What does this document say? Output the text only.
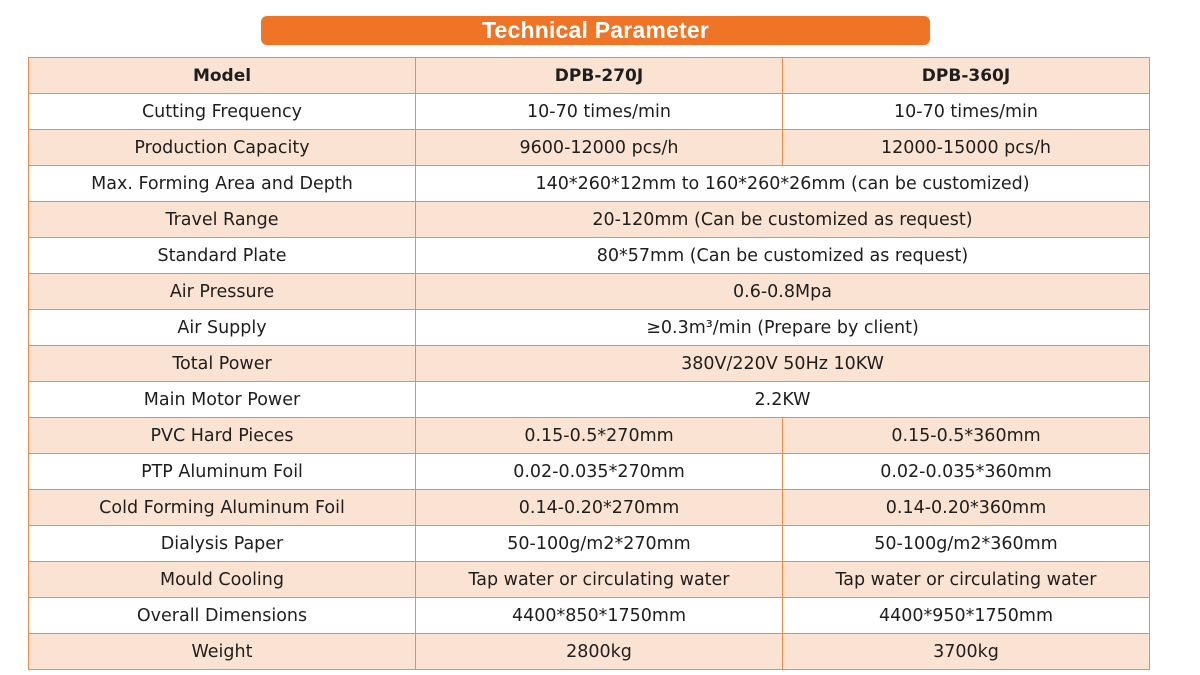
Technical Parameter
Model	DPB-270J	DPB-360J
Cutting Frequency	10-70 times/min	10-70 times/min
Production Capacity	9600-12000 pcs/h	12000-15000 pcs/h
Max. Forming Area and Depth	140*260*12mm to 160*260*26mm (can be customized)	
Travel Range	20-120mm (Can be customized as request)	
Standard Plate	80*57mm (Can be customized as request)	
Air Pressure	0.6-0.8Mpa	
Air Supply	≥0.3m³/min (Prepare by client)	
Total Power	380V/220V 50Hz 10KW	
Main Motor Power	2.2KW	
PVC Hard Pieces	0.15-0.5*270mm	0.15-0.5*360mm
PTP Aluminum Foil	0.02-0.035*270mm	0.02-0.035*360mm
Cold Forming Aluminum Foil	0.14-0.20*270mm	0.14-0.20*360mm
Dialysis Paper	50-100g/m2*270mm	50-100g/m2*360mm
Mould Cooling	Tap water or circulating water	Tap water or circulating water
Overall Dimensions	4400*850*1750mm	4400*950*1750mm
Weight	2800kg	3700kg
